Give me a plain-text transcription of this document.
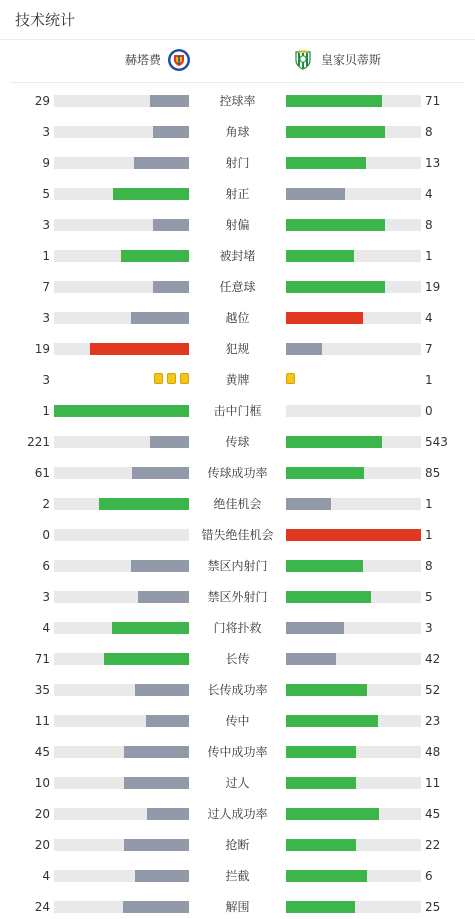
技术统计
赫塔费	皇家贝蒂斯
29	控球率	71
3	角球	8
9	射门	13
5	射正	4
3	射偏	8
1	被封堵	1
7	任意球	19
3	越位	4
19	犯规	7
3	黄牌	1
1	击中门框	0
221	传球	543
61	传球成功率	85
2	绝佳机会	1
0	错失绝佳机会	1
6	禁区内射门	8
3	禁区外射门	5
4	门将扑救	3
71	长传	42
35	长传成功率	52
11	传中	23
45	传中成功率	48
10	过人	11
20	过人成功率	45
20	抢断	22
4	拦截	6
24	解围	25
